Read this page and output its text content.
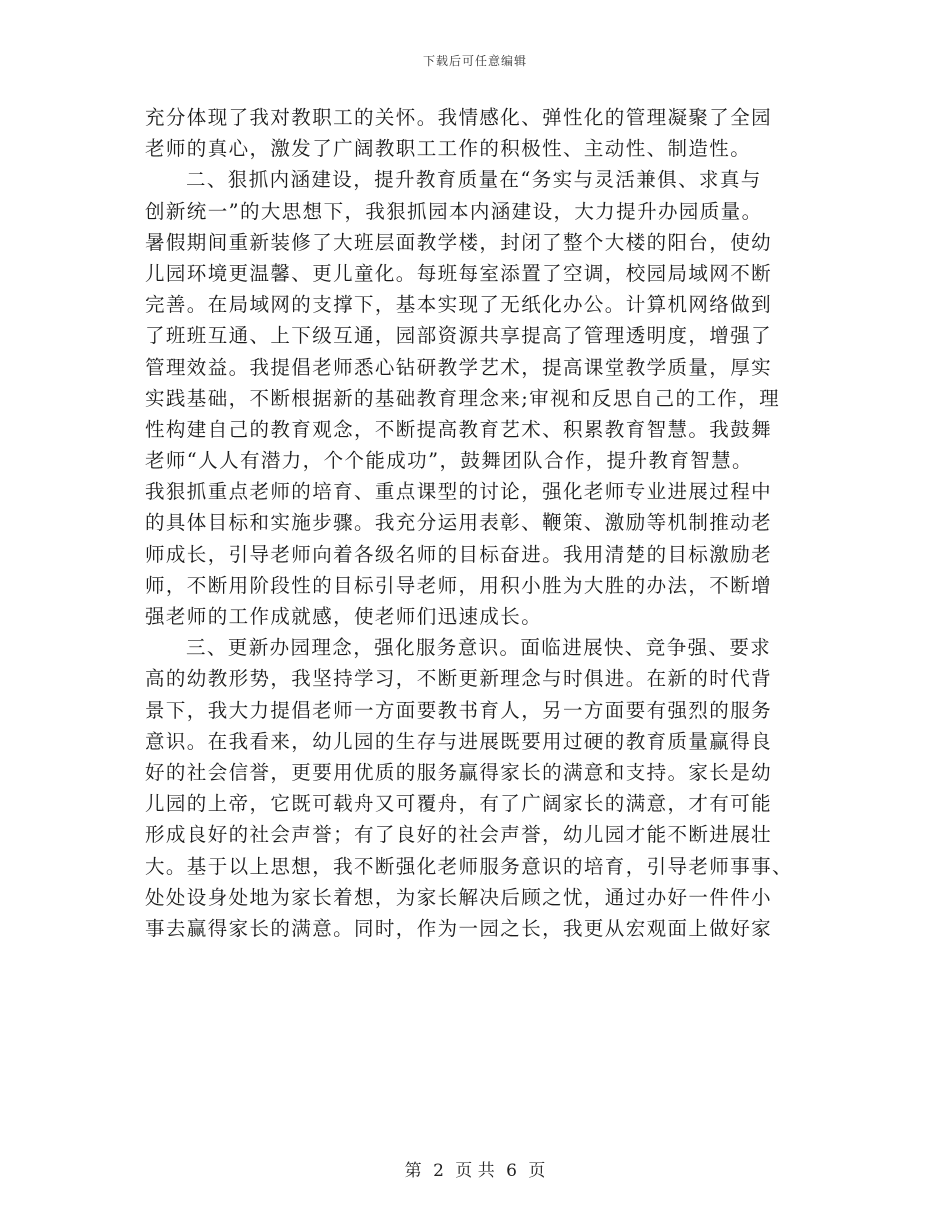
下载后可任意编辑
充分体现了我对教职工的关怀。我情感化、弹性化的管理凝聚了全园
老师的真心，激发了广阔教职工工作的积极性、主动性、制造性。
二、狠抓内涵建设，提升教育质量在“务实与灵活兼俱、求真与
创新统一”的大思想下，我狠抓园本内涵建设，大力提升办园质量。
暑假期间重新装修了大班层面教学楼，封闭了整个大楼的阳台，使幼
儿园环境更温馨、更儿童化。每班每室添置了空调，校园局域网不断
完善。在局域网的支撑下，基本实现了无纸化办公。计算机网络做到
了班班互通、上下级互通，园部资源共享提高了管理透明度，增强了
管理效益。我提倡老师悉心钻研教学艺术，提高课堂教学质量，厚实
实践基础，不断根据新的基础教育理念来;审视和反思自己的工作，理
性构建自己的教育观念，不断提高教育艺术、积累教育智慧。我鼓舞
老师“人人有潜力，个个能成功”，鼓舞团队合作，提升教育智慧。
我狠抓重点老师的培育、重点课型的讨论，强化老师专业进展过程中
的具体目标和实施步骤。我充分运用表彰、鞭策、激励等机制推动老
师成长，引导老师向着各级名师的目标奋进。我用清楚的目标激励老
师，不断用阶段性的目标引导老师，用积小胜为大胜的办法，不断增
强老师的工作成就感，使老师们迅速成长。
三、更新办园理念，强化服务意识。面临进展快、竞争强、要求
高的幼教形势，我坚持学习，不断更新理念与时俱进。在新的时代背
景下，我大力提倡老师一方面要教书育人，另一方面要有强烈的服务
意识。在我看来，幼儿园的生存与进展既要用过硬的教育质量赢得良
好的社会信誉，更要用优质的服务赢得家长的满意和支持。家长是幼
儿园的上帝，它既可载舟又可覆舟，有了广阔家长的满意，才有可能
形成良好的社会声誉；有了良好的社会声誉，幼儿园才能不断进展壮
大。基于以上思想，我不断强化老师服务意识的培育，引导老师事事、
处处设身处地为家长着想，为家长解决后顾之忧，通过办好一件件小
事去赢得家长的满意。同时，作为一园之长，我更从宏观面上做好家
第 2 页 共 6 页
